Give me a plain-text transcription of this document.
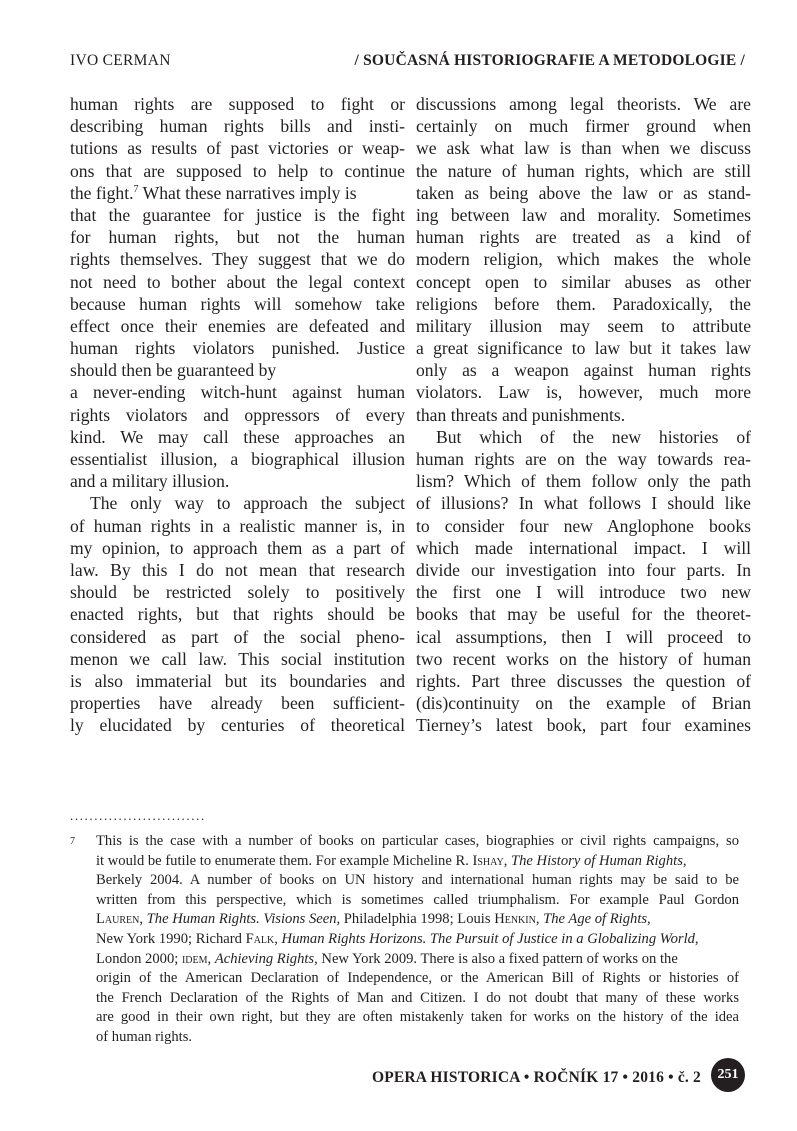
IVO CERMAN	/ SOUČASNÁ HISTORIOGRAFIE A METODOLOGIE /
human rights are supposed to fight or
describing human rights bills and insti-
tutions as results of past victories or weap-
ons that are supposed to help to continue
the fight.$^7$ What these narratives imply is
that the guarantee for justice is the fight
for human rights, but not the human
rights themselves. They suggest that we do
not need to bother about the legal context
because human rights will somehow take
effect once their enemies are defeated and
human rights violators punished. Justice
should then be guaranteed by
a never-ending witch-hunt against human
rights violators and oppressors of every
kind. We may call these approaches an
essentialist illusion, a biographical illusion
and a military illusion.
The only way to approach the subject
of human rights in a realistic manner is, in
my opinion, to approach them as a part of
law. By this I do not mean that research
should be restricted solely to positively
enacted rights, but that rights should be
considered as part of the social pheno-
menon we call law. This social institution
is also immaterial but its boundaries and
properties have already been sufficient-
ly elucidated by centuries of theoretical
discussions among legal theorists. We are
certainly on much firmer ground when
we ask what law is than when we discuss
the nature of human rights, which are still
taken as being above the law or as stand-
ing between law and morality. Sometimes
human rights are treated as a kind of
modern religion, which makes the whole
concept open to similar abuses as other
religions before them. Paradoxically, the
military illusion may seem to attribute
a great significance to law but it takes law
only as a weapon against human rights
violators. Law is, however, much more
than threats and punishments.
But which of the new histories of
human rights are on the way towards rea-
lism? Which of them follow only the path
of illusions? In what follows I should like
to consider four new Anglophone books
which made international impact. I will
divide our investigation into four parts. In
the first one I will introduce two new
books that may be useful for the theoret-
ical assumptions, then I will proceed to
two recent works on the history of human
rights. Part three discusses the question of
(dis)continuity on the example of Brian
Tierney’s latest book, part four examines
............................
7 This is the case with a number of books on particular cases, biographies or civil rights campaigns, so
it would be futile to enumerate them. For example Micheline R. Ishay, The History of Human Rights,
Berkely 2004. A number of books on UN history and international human rights may be said to be
written from this perspective, which is sometimes called triumphalism. For example Paul Gordon
Lauren, The Human Rights. Visions Seen, Philadelphia 1998; Louis Henkin, The Age of Rights,
New York 1990; Richard Falk, Human Rights Horizons. The Pursuit of Justice in a Globalizing World,
London 2000; idem, Achieving Rights, New York 2009. There is also a fixed pattern of works on the
origin of the American Declaration of Independence, or the American Bill of Rights or histories of
the French Declaration of the Rights of Man and Citizen. I do not doubt that many of these works
are good in their own right, but they are often mistakenly taken for works on the history of the idea
of human rights.
OPERA HISTORICA • ROČNÍK 17 • 2016 • č. 2	251
